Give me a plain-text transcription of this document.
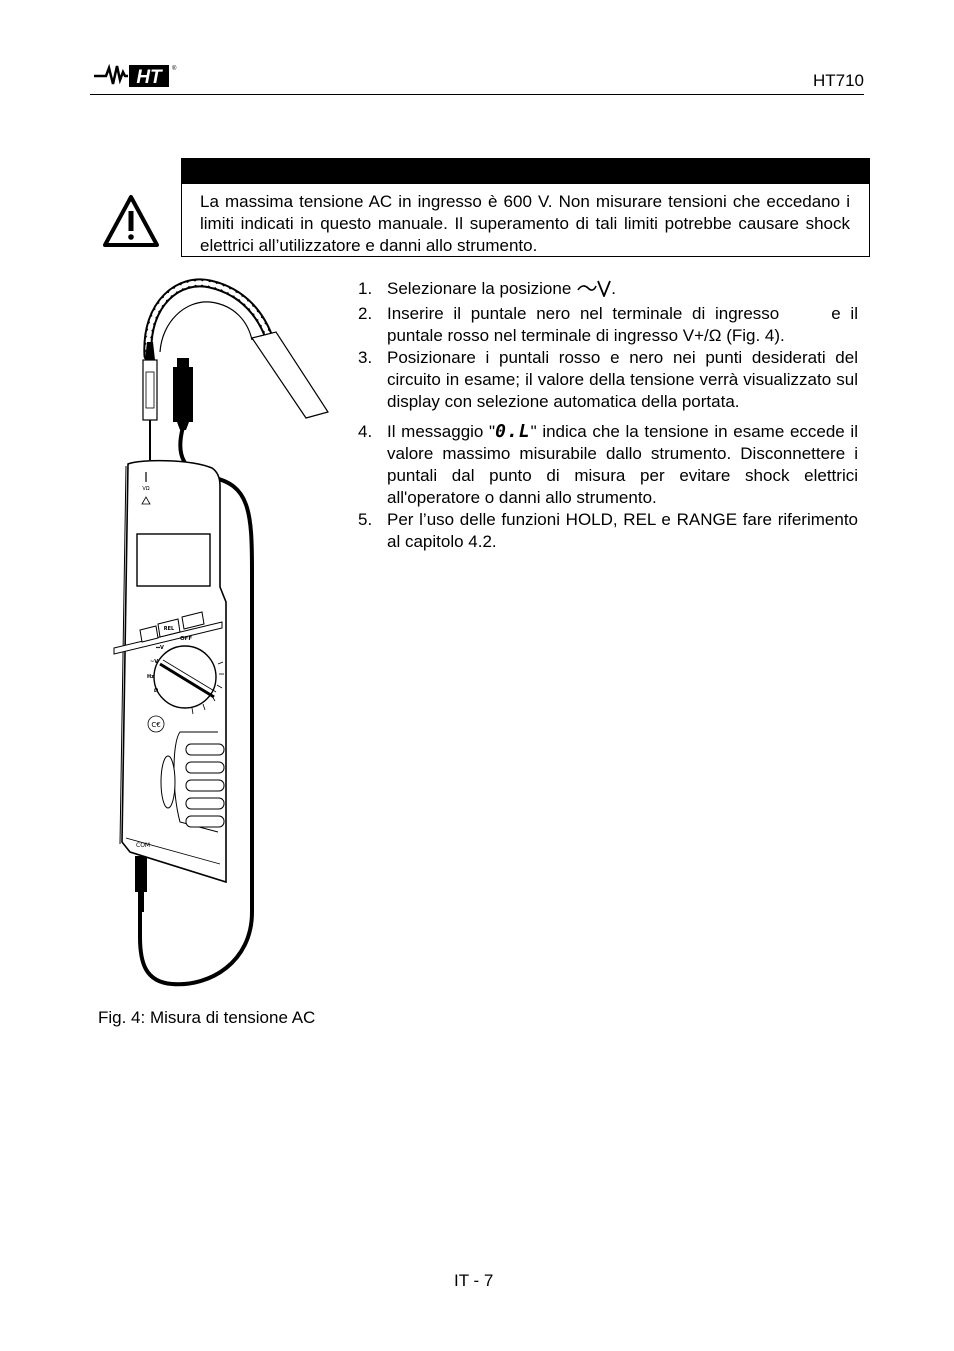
HT ®
HT710
La massima tensione AC in ingresso è 600 V. Non misurare tensioni che eccedano i limiti indicati in questo manuale. Il superamento di tali limiti potrebbe causare shock elettrici all’utilizzatore e danni allo strumento.
VΩ
REL
OFF
⎓V
~V
Hz
Ω
C€
COM
1. Selezionare la posizione .
2. Inserire il puntale nero nel terminale di ingresso	e il puntale rosso nel terminale di ingresso V+/Ω (Fig. 4).
3. Posizionare i puntali rosso e nero nei punti desiderati del circuito in esame; il valore della tensione verrà visualizzato sul display con selezione automatica della portata.
4. Il messaggio "0.L" indica che la tensione in esame eccede il valore massimo misurabile dallo strumento. Disconnettere i puntali dal punto di misura per evitare shock elettrici all'operatore o danni allo strumento.
5. Per l’uso delle funzioni HOLD, REL e RANGE fare riferimento al capitolo 4.2.
Fig. 4: Misura di tensione AC
IT - 7
